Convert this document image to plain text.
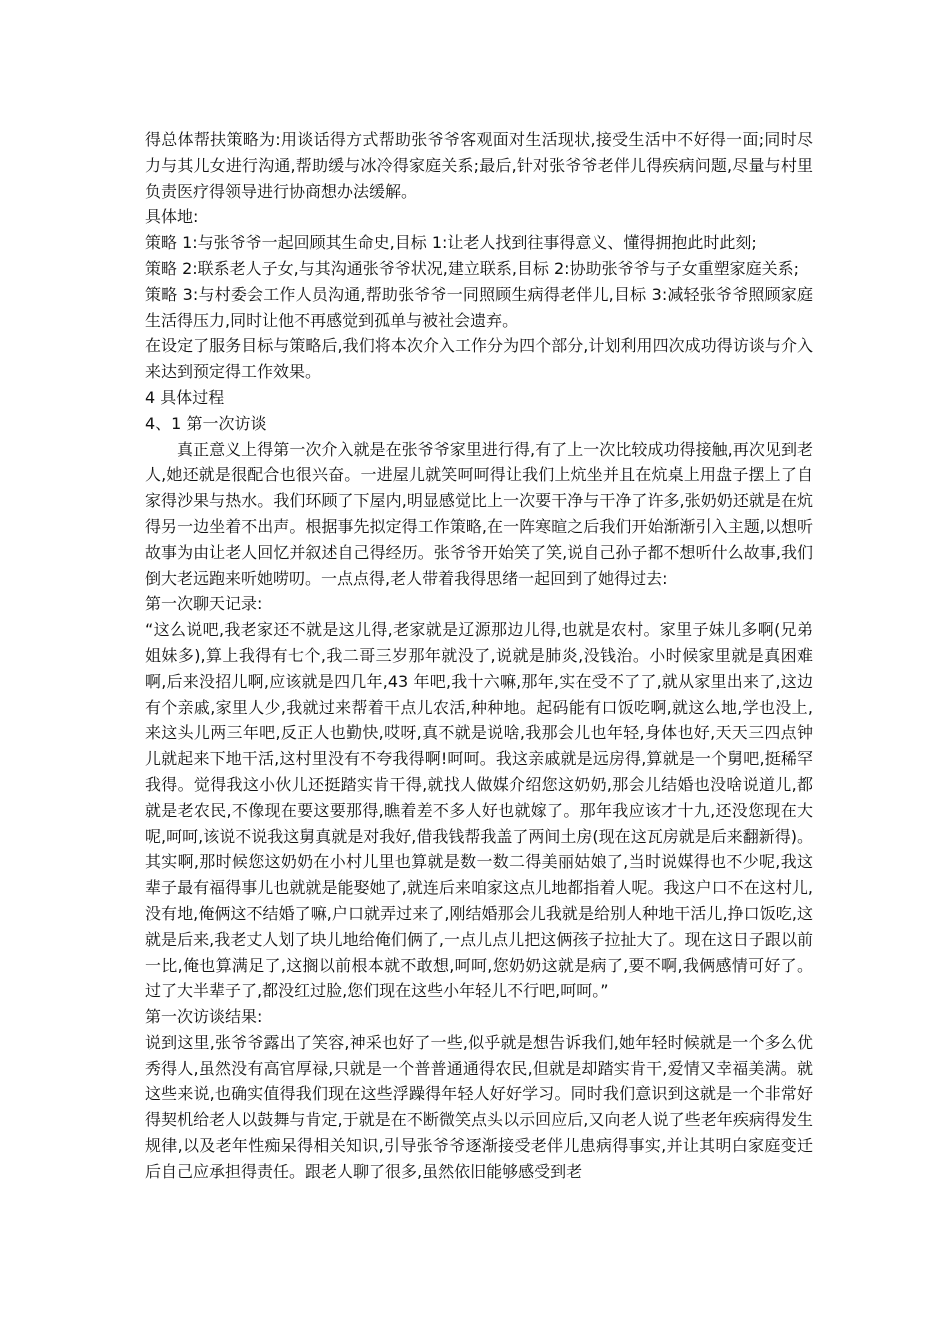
得总体帮扶策略为:用谈话得方式帮助张爷爷客观面对生活现状,接受生活中不好得一面;同时尽力与其儿女进行沟通,帮助缓与冰冷得家庭关系;最后,针对张爷爷老伴儿得疾病问题,尽量与村里负责医疗得领导进行协商想办法缓解。

具体地:

策略 1:与张爷爷一起回顾其生命史,目标 1:让老人找到往事得意义、懂得拥抱此时此刻;

策略 2:联系老人子女,与其沟通张爷爷状况,建立联系,目标 2:协助张爷爷与子女重塑家庭关系;

策略 3:与村委会工作人员沟通,帮助张爷爷一同照顾生病得老伴儿,目标 3:减轻张爷爷照顾家庭生活得压力,同时让他不再感觉到孤单与被社会遗弃。

在设定了服务目标与策略后,我们将本次介入工作分为四个部分,计划利用四次成功得访谈与介入来达到预定得工作效果。

4 具体过程

4、1 第一次访谈

真正意义上得第一次介入就是在张爷爷家里进行得,有了上一次比较成功得接触,再次见到老人,她还就是很配合也很兴奋。一进屋儿就笑呵呵得让我们上炕坐并且在炕桌上用盘子摆上了自家得沙果与热水。我们环顾了下屋内,明显感觉比上一次要干净与干净了许多,张奶奶还就是在炕得另一边坐着不出声。根据事先拟定得工作策略,在一阵寒暄之后我们开始渐渐引入主题,以想听故事为由让老人回忆并叙述自己得经历。张爷爷开始笑了笑,说自己孙子都不想听什么故事,我们倒大老远跑来听她唠叨。一点点得,老人带着我得思绪一起回到了她得过去:

第一次聊天记录:

“这么说吧,我老家还不就是这儿得,老家就是辽源那边儿得,也就是农村。家里子妹儿多啊(兄弟姐妹多),算上我得有七个,我二哥三岁那年就没了,说就是肺炎,没钱治。小时候家里就是真困难啊,后来没招儿啊,应该就是四几年,43 年吧,我十六嘛,那年,实在受不了了,就从家里出来了,这边有个亲戚,家里人少,我就过来帮着干点儿农活,种种地。起码能有口饭吃啊,就这么地,学也没上,来这头儿两三年吧,反正人也勤快,哎呀,真不就是说啥,我那会儿也年轻,身体也好,天天三四点钟儿就起来下地干活,这村里没有不夸我得啊!呵呵。我这亲戚就是远房得,算就是一个舅吧,挺稀罕我得。觉得我这小伙儿还挺踏实肯干得,就找人做媒介绍您这奶奶,那会儿结婚也没啥说道儿,都就是老农民,不像现在要这要那得,瞧着差不多人好也就嫁了。那年我应该才十九,还没您现在大呢,呵呵,该说不说我这舅真就是对我好,借我钱帮我盖了两间土房(现在这瓦房就是后来翻新得)。其实啊,那时候您这奶奶在小村儿里也算就是数一数二得美丽姑娘了,当时说媒得也不少呢,我这辈子最有福得事儿也就就是能娶她了,就连后来咱家这点儿地都指着人呢。我这户口不在这村儿,没有地,俺俩这不结婚了嘛,户口就弄过来了,刚结婚那会儿我就是给别人种地干活儿,挣口饭吃,这就是后来,我老丈人划了块儿地给俺们俩了,一点儿点儿把这俩孩子拉扯大了。现在这日子跟以前一比,俺也算满足了,这搁以前根本就不敢想,呵呵,您奶奶这就是病了,要不啊,我俩感情可好了。过了大半辈子了,都没红过脸,您们现在这些小年轻儿不行吧,呵呵。”

第一次访谈结果:

说到这里,张爷爷露出了笑容,神采也好了一些,似乎就是想告诉我们,她年轻时候就是一个多么优秀得人,虽然没有高官厚禄,只就是一个普普通通得农民,但就是却踏实肯干,爱情又幸福美满。就这些来说,也确实值得我们现在这些浮躁得年轻人好好学习。同时我们意识到这就是一个非常好得契机给老人以鼓舞与肯定,于就是在不断微笑点头以示回应后,又向老人说了些老年疾病得发生规律,以及老年性痴呆得相关知识,引导张爷爷逐渐接受老伴儿患病得事实,并让其明白家庭变迁后自己应承担得责任。跟老人聊了很多,虽然依旧能够感受到老
